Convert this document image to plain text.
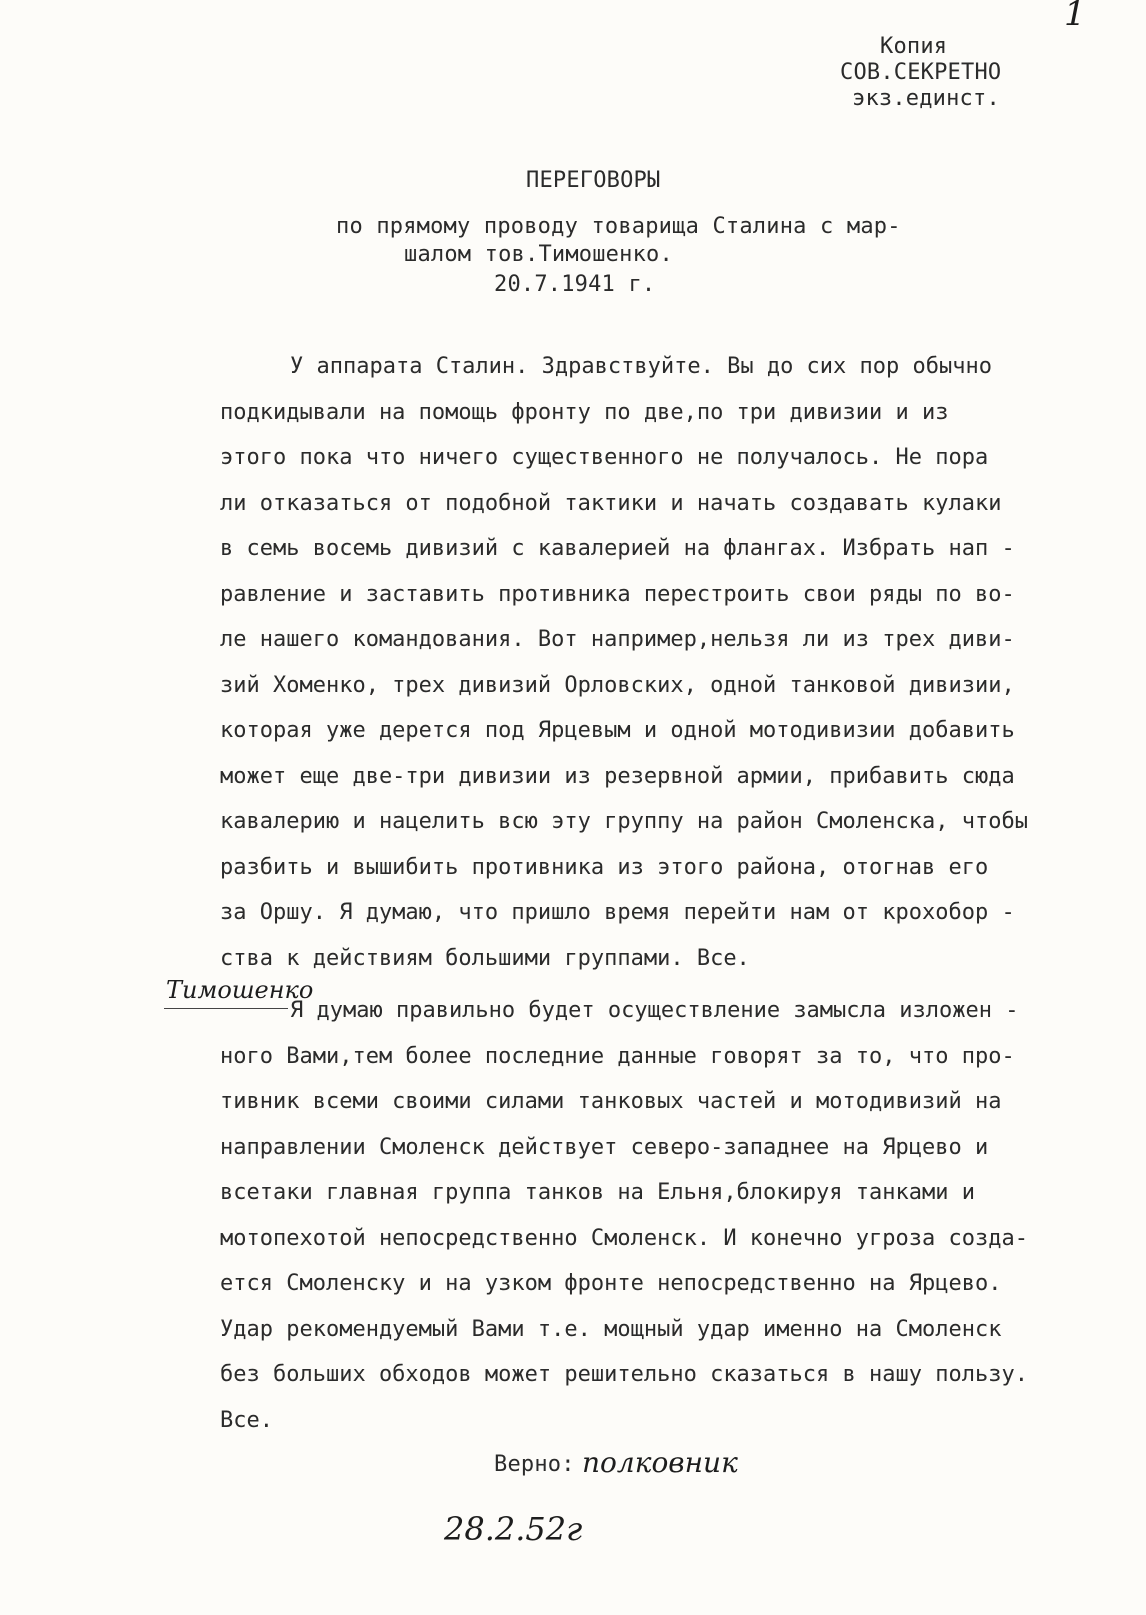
1
Копия
СОВ.СЕКРЕТНО
экз.единст.
ПЕРЕГОВОРЫ
по прямому проводу товарища Сталина с мар-
шалом тов.Тимошенко.
20.7.1941 г.
У аппарата Сталин. Здравствуйте. Вы до сих пор обычно
подкидывали на помощь фронту по две,по три дивизии и из
этого пока что ничего существенного не получалось. Не пора
ли отказаться от подобной тактики и начать создавать кулаки
в семь восемь дивизий с кавалерией на флангах. Избрать нап -
равление и заставить противника перестроить свои ряды по во-
ле нашего командования. Вот например,нельзя ли из трех диви-
зий Хоменко, трех дивизий Орловских, одной танковой дивизии,
которая уже дерется под Ярцевым и одной мотодивизии добавить
может еще две-три дивизии из резервной армии, прибавить сюда
кавалерию и нацелить всю эту группу на район Смоленска, чтобы
разбить и вышибить противника из этого района, отогнав его
за Оршу. Я думаю, что пришло время перейти нам от крохобор -
ства к действиям большими группами. Все.
Тимошенко
Я думаю правильно будет осуществление замысла изложен -
ного Вами,тем более последние данные говорят за то, что про-
тивник всеми своими силами танковых частей и мотодивизий на
направлении Смоленск действует северо-западнее на Ярцево и
всетаки главная группа танков на Ельня,блокируя танками и
мотопехотой непосредственно Смоленск. И конечно угроза созда-
ется Смоленску и на узком фронте непосредственно на Ярцево.
Удар рекомендуемый Вами т.е. мощный удар именно на Смоленск
без больших обходов может решительно сказаться в нашу пользу.
Все.
Верно: полковник
28.2.52г
